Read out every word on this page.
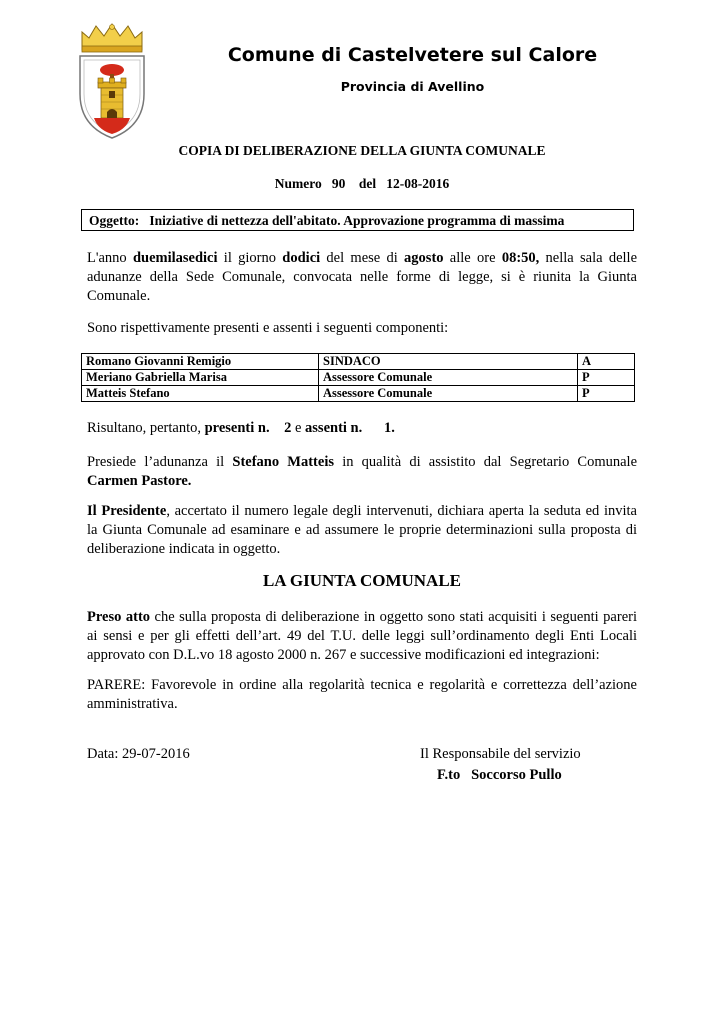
Comune di Castelvetere sul Calore
Provincia di Avellino
COPIA DI DELIBERAZIONE DELLA GIUNTA COMUNALE
Numero 90 del 12-08-2016
Oggetto: Iniziative di nettezza dell'abitato. Approvazione programma di massima
L'anno duemilasedici il giorno dodici del mese di agosto alle ore 08:50, nella sala delle adunanze della Sede Comunale, convocata nelle forme di legge, si è riunita la Giunta Comunale.
Sono rispettivamente presenti e assenti i seguenti componenti:
Romano Giovanni Remigio	SINDACO	A
Meriano Gabriella Marisa	Assessore Comunale	P
Matteis Stefano	Assessore Comunale	P
Risultano, pertanto, presenti n. 2 e assenti n. 1.
Presiede l’adunanza il Stefano Matteis in qualità di assistito dal Segretario Comunale Carmen Pastore.
Il Presidente, accertato il numero legale degli intervenuti, dichiara aperta la seduta ed invita la Giunta Comunale ad esaminare e ad assumere le proprie determinazioni sulla proposta di deliberazione indicata in oggetto.
LA GIUNTA COMUNALE
Preso atto che sulla proposta di deliberazione in oggetto sono stati acquisiti i seguenti pareri ai sensi e per gli effetti dell’art. 49 del T.U. delle leggi sull’ordinamento degli Enti Locali approvato con D.L.vo 18 agosto 2000 n. 267 e successive modificazioni ed integrazioni:
PARERE: Favorevole in ordine alla regolarità tecnica e regolarità e correttezza dell’azione amministrativa.
Data: 29-07-2016	Il Responsabile del servizio
F.to Soccorso Pullo
